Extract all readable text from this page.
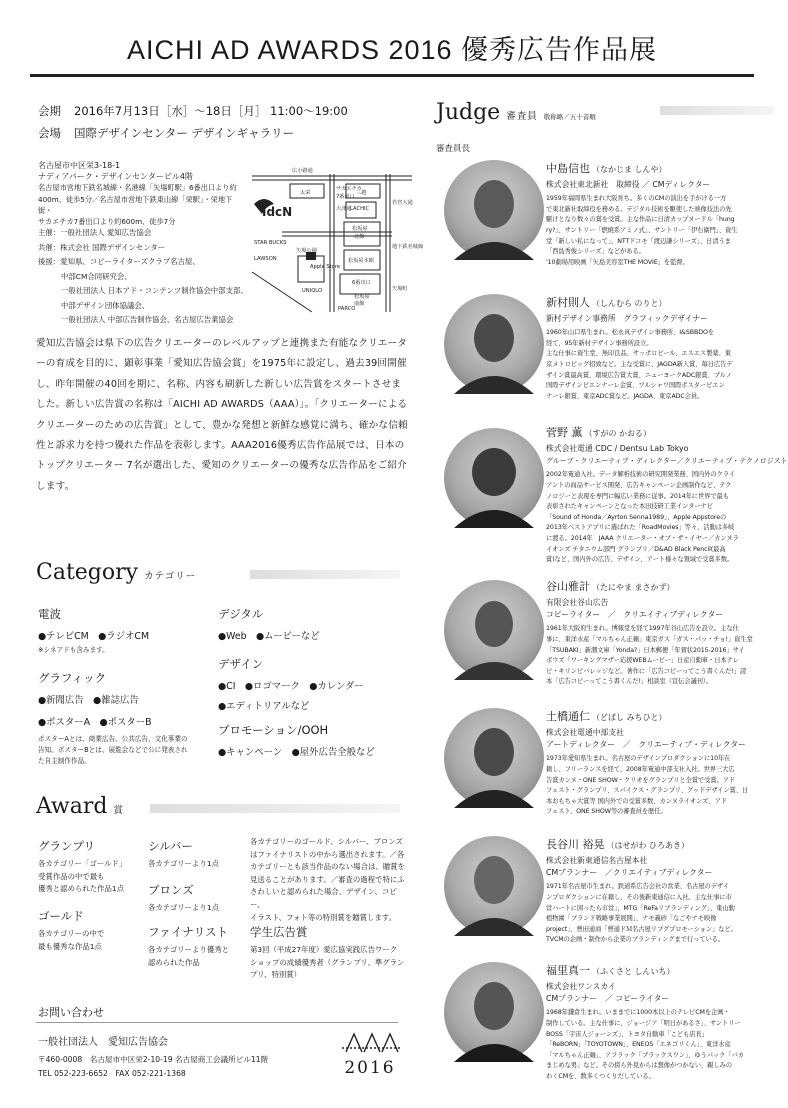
AICHI AD AWARDS 2016 優秀広告作品展
会期 2016年7月13日［水］～18日［月］ 11:00～19:00
会場 国際デザインセンター デザインギャラリー
名古屋市中区栄3-18-1
ナディアパーク・デザインセンタービル4階
名古屋市営地下鉄名城線・名港線「矢場町駅」6番出口より約
400m、徒歩5分／名古屋市営地下鉄東山線「栄駅」・栄地下街・
サカエチカ7番出口より約600m、徒歩7分
主催：一般社団法人 愛知広告協会
共催：株式会社 国際デザインセンター
後援：愛知県、コピーライターズクラブ名古屋、
中部CM合同研究会、
一般社団法人 日本アド・コンテンツ制作協会中部支部、
中部デザイン団体協議会、
一般社団法人 中部広告制作協会、名古屋広告業協会
広小路通
太栄
サカエチカ
7番出口
三越
LACHIC
若宮大通
大津通
松坂屋
北館
松坂屋本館
地下鉄名城線
STAR BUCKS
LAWSON
矢場公園
Apple Store
UNIQLO
6番出口
松坂屋
南館
矢場町
PARCO
IdcN
愛知広告協会は県下の広告クリエーターのレベルアップと連携また有能なクリエーターの育成を目的に、顕彰事業「愛知広告協会賞」を1975年に設定し、過去39回開催し、昨年開催の40回を期に、名称、内容も刷新した新しい広告賞をスタートさせました。新しい広告賞の名称は「AICHI AD AWARDS（AAA）」。「クリエーターによるクリエーターのための広告賞」として、豊かな発想と新鮮な感覚に満ち、確かな信頼性と訴求力を持つ優れた作品を表彰します。AAA2016優秀広告作品展では、日本のトップクリエーター 7名が選出した、愛知のクリエーターの優秀な広告作品をご紹介します。
Category カテゴリー
電波
●テレビCM　●ラジオCM
※シネアドも含みます。
グラフィック
●新聞広告　●雑誌広告
●ポスターA　●ポスターB
ポスターAとは、商業広告、公共広告、文化事業の告知。ポスターBとは、展覧会などで公に発表された自主制作作品。
デジタル
●Web　●ムービーなど
デザイン
●CI　●ロゴマーク　●カレンダー
●エディトリアルなど
プロモーション/OOH
●キャンペーン　●屋外広告全般など
Award 賞
グランプリ
各カテゴリー「ゴールド」
受賞作品の中で最も
優秀と認められた作品1点
ゴールド
各カテゴリーの中で
最も優秀な作品1点
シルバー
各カテゴリーより1点
ブロンズ
各カテゴリーより1点
ファイナリスト
各カテゴリーより優秀と
認められた作品
各カテゴリーのゴールド、シルバー、ブロンズ
はファイナリストの中から選出されます。／各
カテゴリーとも該当作品のない場合は、贈賞を
見送ることがあります。／審査の過程で特にふ
さわしいと認められた場合、デザイン、コピー、
イラスト、フォト等の特別賞を贈賞します。
学生広告賞
第3回（平成27年度）愛広協実践広告ワーク
ショップの成績優秀者（グランプリ、準グラン
プリ、特別賞）
お問い合わせ
一般社団法人　愛知広告協会
〒460-0008　名古屋市中区栄2-10-19 名古屋商工会議所ビル11階
TEL 052-223-6652　FAX 052-221-1368	2016
Judge 審査員 敬称略／五十音順
審査員長
中島信也 （なかじま しんや）
株式会社東北新社　取締役 ／ CMディレクター
1959年福岡県生まれ大阪育ち。多くのCMの演出を手がける一方
で東北新社取締役を務める。デジタル技術を駆使した映像技法の先
駆けとなり数々の賞を受賞。主な作品に日清カップヌードル「hung
ry?」、サントリー「燃焼系アミノ式」、サントリー「伊右衛門」、資生
堂「新しい私になって」、NTTドコモ「渡辺謙シリーズ」、日清うま
「西島秀俊シリーズ」などがある。
'10劇場用映画「矢島美容室THE MOVIE」を監督。
新村則人 （しんむら のりと）
新村デザイン事務所　グラフィックデザイナー
1960年山口県生まれ。松永真デザイン事務所、I&SBBDOを
経て、95年新村デザイン事務所設立。
主な仕事に資生堂、無印良品、サッポロビール、エスエス製薬、東
京メトロピッグ招致など。主な受賞に、JAGDA新人賞、毎日広告デ
ザイン賞最高賞、環境広告賞大賞、ニューヨークADC銀賞、ブルノ
国際デザインビエンナーレ金賞、ワルシャワ国際ポスタービエン
ナーレ銀賞、東京ADC賞など。JAGDA、東京ADC会員。
菅野 薫 （すがの かおる）
株式会社電通 CDC / Dentsu Lab Tokyo
グループ・クリエーティブ・ディレクター／クリエーティブ・テクノロジスト
2002年電通入社。データ解析技術の研究開発業務、国内外のクライ
アントの商品サービス開発、広告キャンペーン企画制作など、テク
ノロジーと表現を専門に幅広い業務に従事。2014年に世界で最も
表彰されたキャンペーンとなった本田技研工業インターナビ
「Sound of Honda／Ayrton Senna1989」、Apple Appstoreの
2013年ベストアプリに選ばれた「RoadMovies」等々、活動は多岐
に渡る。2014年　JAAA クリエーター・オブ・ザ・イヤー／カンヌラ
イオンズ チタニウム部門 グランプリ／D&AD Black Pencil(最高
賞)など、国内外の広告、デザイン、アート様々な領域で受賞多数。
谷山雅計 （たにやま まさかず）
有限会社谷山広告
コピーライター　／　クリエイティブディレクター
1961年大阪府生まれ。博報堂を経て1997年谷山広告を設立。主な仕
事に、東洋水産「マルちゃん正麺」東京ガス「ガス・パッ・チョ!」資生堂
「TSUBAKI」新潮文庫「Yonda?」日本郵便「年賀状2015-2016」サイ
ボウズ「ワーキングマザー応援WEBムービー」日産自動車・日本テレ
ビ・キリンビバレッジなど。著作に「広告コピーってこう書くんだ!」読
本「広告コピーってこう書くんだ!」相談室（宣伝会議刊）。
土橋通仁 （どばし みちひと）
株式会社電通中部支社
アートディレクター　／　クリエーティブ・ディレクター
1973年愛知県生まれ。名古屋のデザインプロダクションに10年在
籍し、フリーランスを経て、2008年電通中部支社入社。世界三大広
告賞カンヌ・ONE SHOW・クリオをグランプリと全賞で受賞。アド
フェスト・グランプリ、スパイクス・グランプリ、グッドデザイン賞、日
本おもちゃ大賞等 国内外での受賞多数、カンヌライオンズ、アド
フェスト、ONE SHOW等の審査員を歴任。
長谷川 裕晃 （はせがわ ひろあき）
株式会社新東通信名古屋本社
CMプランナー　／クリエイティブディレクター
1971年名古屋市生まれ。鉄道系広告会社の営業、名古屋のデザイ
ンプロダクションに在籍し、その後新東通信に入社。主な仕事に市
営ハートに困ったら市営」、MTG「ReFaリブランディング」、東山動
植物園「ブランド戦略事業展開」、ナモ義砂「なごやナモ映像
project」、豊田通商「豊通ドＭ名古屋リブグプロモーション」など。
TVCMの企画・制作から企業のブランディングまで行っている。
福里真一 （ふくさと しんいち）
株式会社ワンスカイ
CMプランナー　／ コピーライター
1968年鎌倉生まれ。いままでに1000本以上のテレビCMを企画・
制作している。主な仕事に、ジョージア「明日があるさ」、サントリー
BOSS「宇宙人ジョーンズ」、トヨタ自動車「こども店長」
「ReBORN」「TOYOTOWN」、ENEOS「エネゴリくん」、東洋水産
「マルちゃん正麺」、アフラック「ブラックスワン」、ゆうパック「バカ
まじめな男」など。その傍ら外見からは想像がつかない、親しみの
わくCMを、数多くつくりだしている。
